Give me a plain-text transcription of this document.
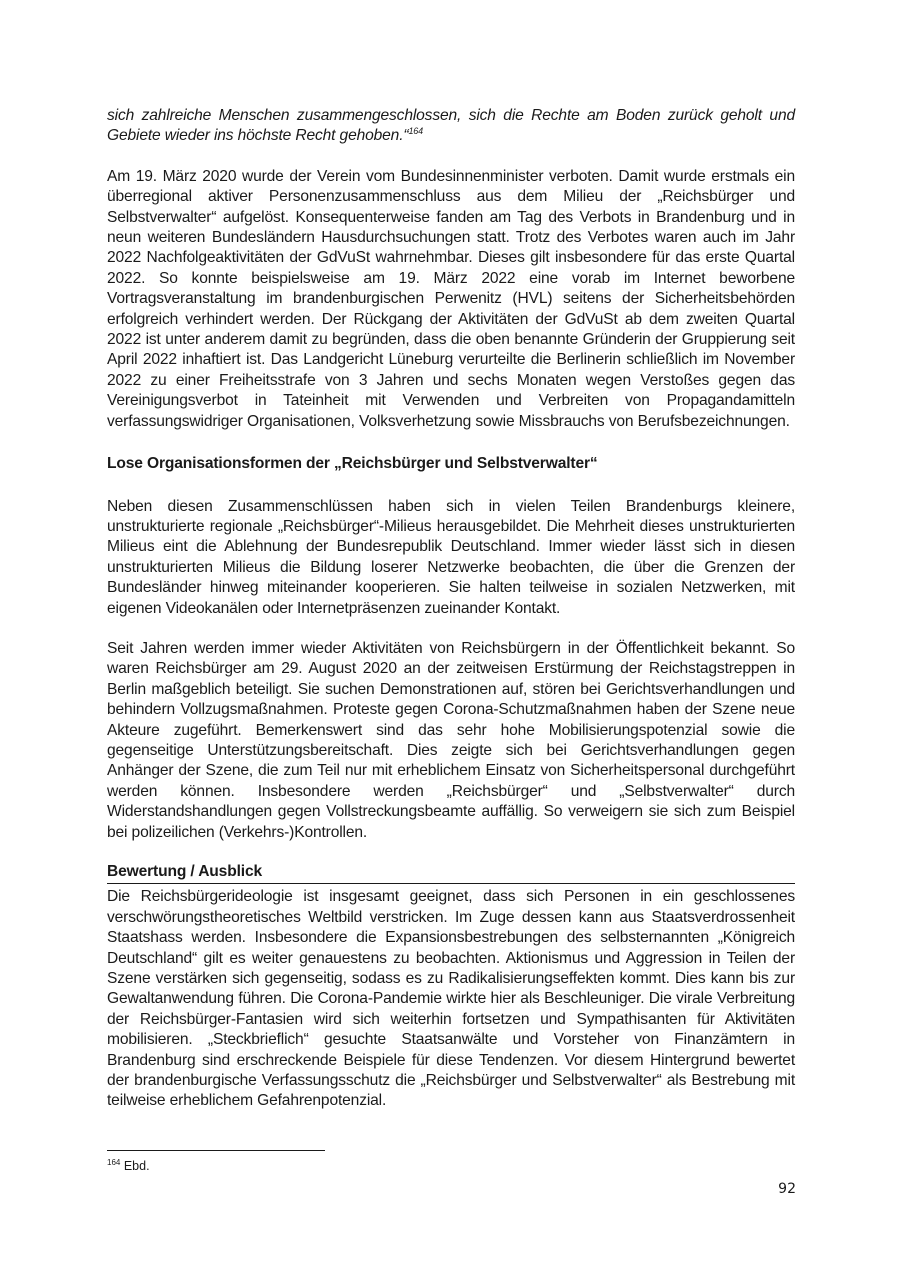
sich zahlreiche Menschen zusammengeschlossen, sich die Rechte am Boden zurück geholt und Gebiete wieder ins höchste Recht gehoben.“$^{164}$

Am 19. März 2020 wurde der Verein vom Bundesinnenminister verboten. Damit wurde erstmals ein überregional aktiver Personenzusammenschluss aus dem Milieu der „Reichsbürger und Selbstverwalter“ aufgelöst. Konsequenterweise fanden am Tag des Verbots in Brandenburg und in neun weiteren Bundesländern Hausdurchsuchungen statt. Trotz des Verbotes waren auch im Jahr 2022 Nachfolgeaktivitäten der GdVuSt wahrnehmbar. Dieses gilt insbesondere für das erste Quartal 2022. So konnte beispielsweise am 19. März 2022 eine vorab im Internet beworbene Vortragsveranstaltung im brandenburgischen Perwenitz (HVL) seitens der Sicherheitsbehörden erfolgreich verhindert werden. Der Rückgang der Aktivitäten der GdVuSt ab dem zweiten Quartal 2022 ist unter anderem damit zu begründen, dass die oben benannte Gründerin der Gruppierung seit April 2022 inhaftiert ist. Das Landgericht Lüneburg verurteilte die Berlinerin schließlich im November 2022 zu einer Freiheitsstrafe von 3 Jahren und sechs Monaten wegen Verstoßes gegen das Vereinigungsverbot in Tateinheit mit Verwenden und Verbreiten von Propagandamitteln verfassungswidriger Organisationen, Volksverhetzung sowie Missbrauchs von Berufsbezeichnungen.

Lose Organisationsformen der „Reichsbürger und Selbstverwalter“

Neben diesen Zusammenschlüssen haben sich in vielen Teilen Brandenburgs kleinere, unstrukturierte regionale „Reichsbürger“-Milieus herausgebildet. Die Mehrheit dieses unstrukturierten Milieus eint die Ablehnung der Bundesrepublik Deutschland. Immer wieder lässt sich in diesen unstrukturierten Milieus die Bildung loserer Netzwerke beobachten, die über die Grenzen der Bundesländer hinweg miteinander kooperieren. Sie halten teilweise in sozialen Netzwerken, mit eigenen Videokanälen oder Internetpräsenzen zueinander Kontakt.

Seit Jahren werden immer wieder Aktivitäten von Reichsbürgern in der Öffentlichkeit bekannt. So waren Reichsbürger am 29. August 2020 an der zeitweisen Erstürmung der Reichstagstreppen in Berlin maßgeblich beteiligt. Sie suchen Demonstrationen auf, stören bei Gerichtsverhandlungen und behindern Vollzugsmaßnahmen. Proteste gegen Corona-Schutzmaßnahmen haben der Szene neue Akteure zugeführt. Bemerkenswert sind das sehr hohe Mobilisierungspotenzial sowie die gegenseitige Unterstützungsbereitschaft. Dies zeigte sich bei Gerichtsverhandlungen gegen Anhänger der Szene, die zum Teil nur mit erheblichem Einsatz von Sicherheitspersonal durchgeführt werden können. Insbesondere werden „Reichsbürger“ und „Selbstverwalter“ durch Widerstandshandlungen gegen Vollstreckungsbeamte auffällig. So verweigern sie sich zum Beispiel bei polizeilichen (Verkehrs-)Kontrollen.

Bewertung / Ausblick

Die Reichsbürgerideologie ist insgesamt geeignet, dass sich Personen in ein geschlossenes verschwörungstheoretisches Weltbild verstricken. Im Zuge dessen kann aus Staatsverdrossenheit Staatshass werden. Insbesondere die Expansionsbestrebungen des selbsternannten „Königreich Deutschland“ gilt es weiter genauestens zu beobachten. Aktionismus und Aggression in Teilen der Szene verstärken sich gegenseitig, sodass es zu Radikalisierungseffekten kommt. Dies kann bis zur Gewaltanwendung führen. Die Corona-Pandemie wirkte hier als Beschleuniger. Die virale Verbreitung der Reichsbürger-Fantasien wird sich weiterhin fortsetzen und Sympathisanten für Aktivitäten mobilisieren. „Steckbrieflich“ gesuchte Staatsanwälte und Vorsteher von Finanzämtern in Brandenburg sind erschreckende Beispiele für diese Tendenzen. Vor diesem Hintergrund bewertet der brandenburgische Verfassungsschutz die „Reichsbürger und Selbstverwalter“ als Bestrebung mit teilweise erheblichem Gefahrenpotenzial.

$^{164}$ Ebd.
92
